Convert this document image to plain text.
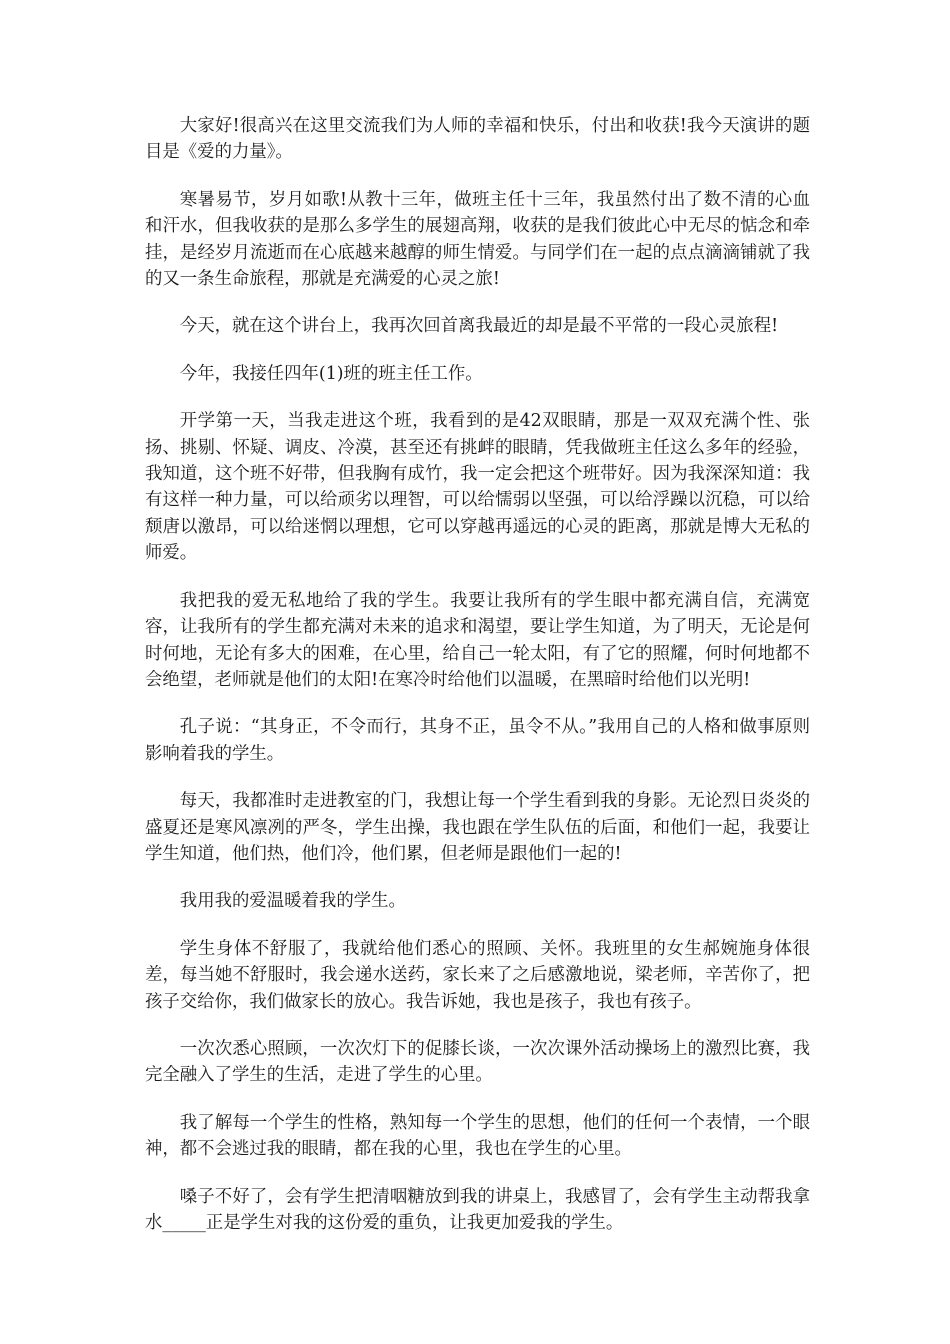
大家好!很高兴在这里交流我们为人师的幸福和快乐，付出和收获!我今天演讲的题目是《爱的力量》。

寒暑易节，岁月如歌!从教十三年，做班主任十三年，我虽然付出了数不清的心血和汗水，但我收获的是那么多学生的展翅高翔，收获的是我们彼此心中无尽的惦念和牵挂，是经岁月流逝而在心底越来越醇的师生情爱。与同学们在一起的点点滴滴铺就了我的又一条生命旅程，那就是充满爱的心灵之旅!

今天，就在这个讲台上，我再次回首离我最近的却是最不平常的一段心灵旅程!

今年，我接任四年(1)班的班主任工作。

开学第一天，当我走进这个班，我看到的是42双眼睛，那是一双双充满个性、张扬、挑剔、怀疑、调皮、冷漠，甚至还有挑衅的眼睛，凭我做班主任这么多年的经验，我知道，这个班不好带，但我胸有成竹，我一定会把这个班带好。因为我深深知道：我有这样一种力量，可以给顽劣以理智，可以给懦弱以坚强，可以给浮躁以沉稳，可以给颓唐以激昂，可以给迷惘以理想，它可以穿越再遥远的心灵的距离，那就是博大无私的师爱。

我把我的爱无私地给了我的学生。我要让我所有的学生眼中都充满自信，充满宽容，让我所有的学生都充满对未来的追求和渴望，要让学生知道，为了明天，无论是何时何地，无论有多大的困难，在心里，给自己一轮太阳，有了它的照耀，何时何地都不会绝望，老师就是他们的太阳!在寒冷时给他们以温暖，在黑暗时给他们以光明!

孔子说：“其身正，不令而行，其身不正，虽令不从。”我用自己的人格和做事原则影响着我的学生。

每天，我都准时走进教室的门，我想让每一个学生看到我的身影。无论烈日炎炎的盛夏还是寒风凛冽的严冬，学生出操，我也跟在学生队伍的后面，和他们一起，我要让学生知道，他们热，他们冷，他们累，但老师是跟他们一起的!

我用我的爱温暖着我的学生。

学生身体不舒服了，我就给他们悉心的照顾、关怀。我班里的女生郝婉施身体很差，每当她不舒服时，我会递水送药，家长来了之后感激地说，梁老师，辛苦你了，把孩子交给你，我们做家长的放心。我告诉她，我也是孩子，我也有孩子。

一次次悉心照顾，一次次灯下的促膝长谈，一次次课外活动操场上的激烈比赛，我完全融入了学生的生活，走进了学生的心里。

我了解每一个学生的性格，熟知每一个学生的思想，他们的任何一个表情，一个眼神，都不会逃过我的眼睛，都在我的心里，我也在学生的心里。

嗓子不好了，会有学生把清咽糖放到我的讲桌上，我感冒了，会有学生主动帮我拿水_____正是学生对我的这份爱的重负，让我更加爱我的学生。
